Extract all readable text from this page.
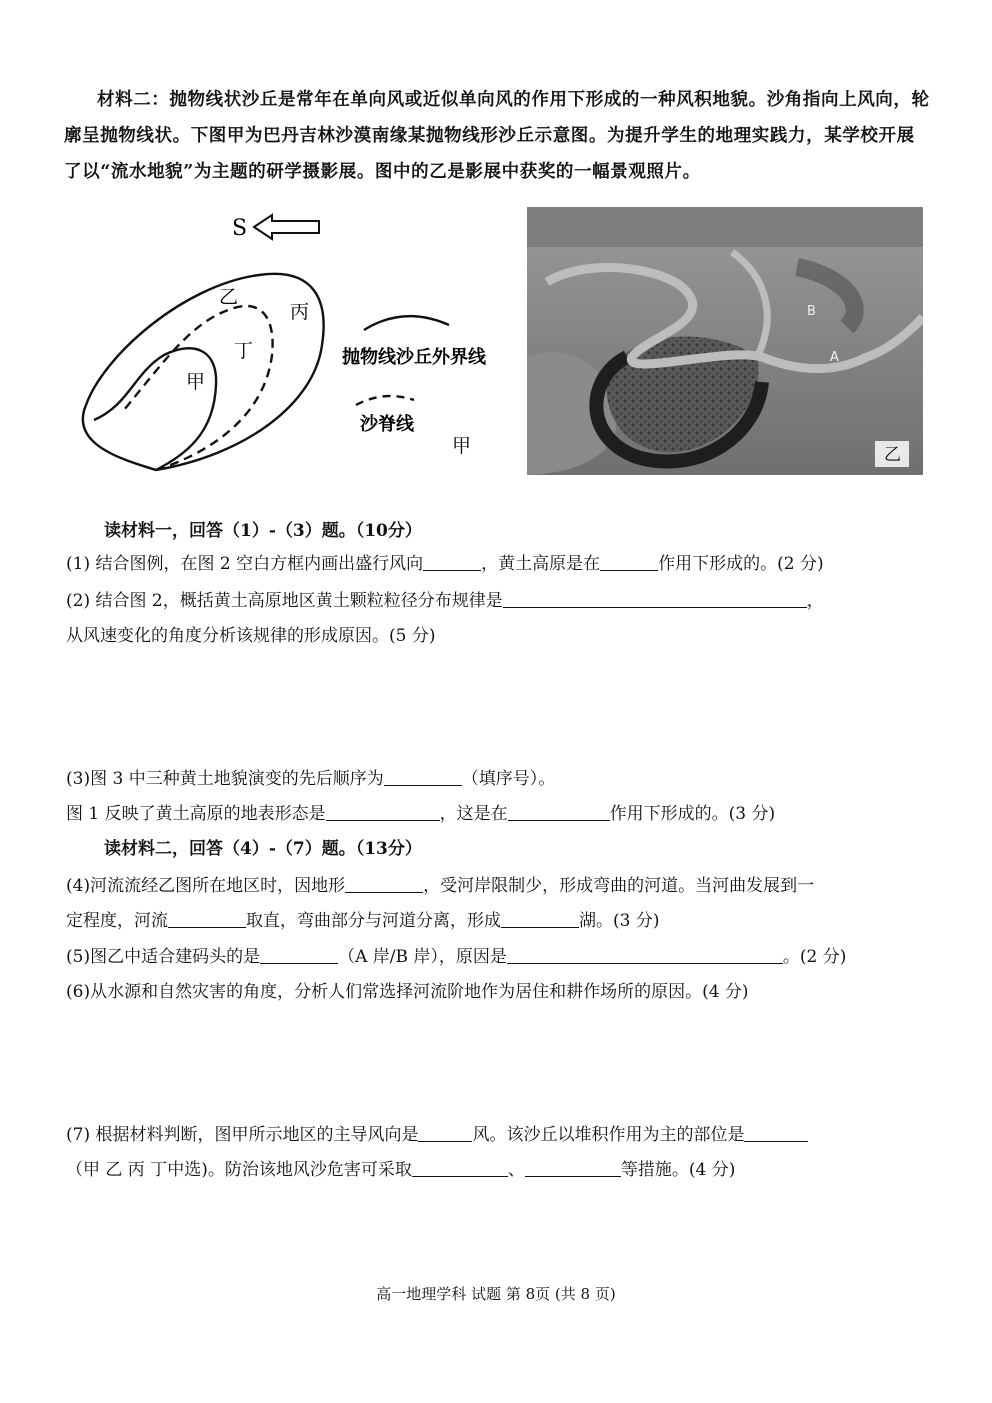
材料二：抛物线状沙丘是常年在单向风或近似单向风的作用下形成的一种风积地貌。沙角指向上风向，轮廓呈抛物线状。下图甲为巴丹吉林沙漠南缘某抛物线形沙丘示意图。为提升学生的地理实践力，某学校开展了以“流水地貌”为主题的研学摄影展。图中的乙是影展中获奖的一幅景观照片。
S
乙
丙
丁
甲
抛物线沙丘外界线
沙脊线
甲
B
A
乙
读材料一，回答（1）-（3）题。（10分）
(1) 结合图例，在图 2 空白方框内画出盛行风向	，黄土高原是在	作用下形成的。(2 分)
(2) 结合图 2，概括黄土高原地区黄土颗粒粒径分布规律是	，
从风速变化的角度分析该规律的形成原因。(5 分)
(3)图 3 中三种黄土地貌演变的先后顺序为	（填序号）。
图 1 反映了黄土高原的地表形态是	，这是在	作用下形成的。(3 分)
读材料二，回答（4）-（7）题。（13分）
(4)河流流经乙图所在地区时，因地形	，受河岸限制少，形成弯曲的河道。当河曲发展到一
定程度，河流	取直，弯曲部分与河道分离，形成	湖。(3 分)
(5)图乙中适合建码头的是	（A 岸/B 岸），原因是	。(2 分)
(6)从水源和自然灾害的角度，分析人们常选择河流阶地作为居住和耕作场所的原因。(4 分)
(7) 根据材料判断，图甲所示地区的主导风向是	风。该沙丘以堆积作用为主的部位是
（甲 乙 丙 丁中选)。防治该地风沙危害可采取	、	等措施。(4 分)
高一地理学科 试题 第 8页 (共 8 页)
